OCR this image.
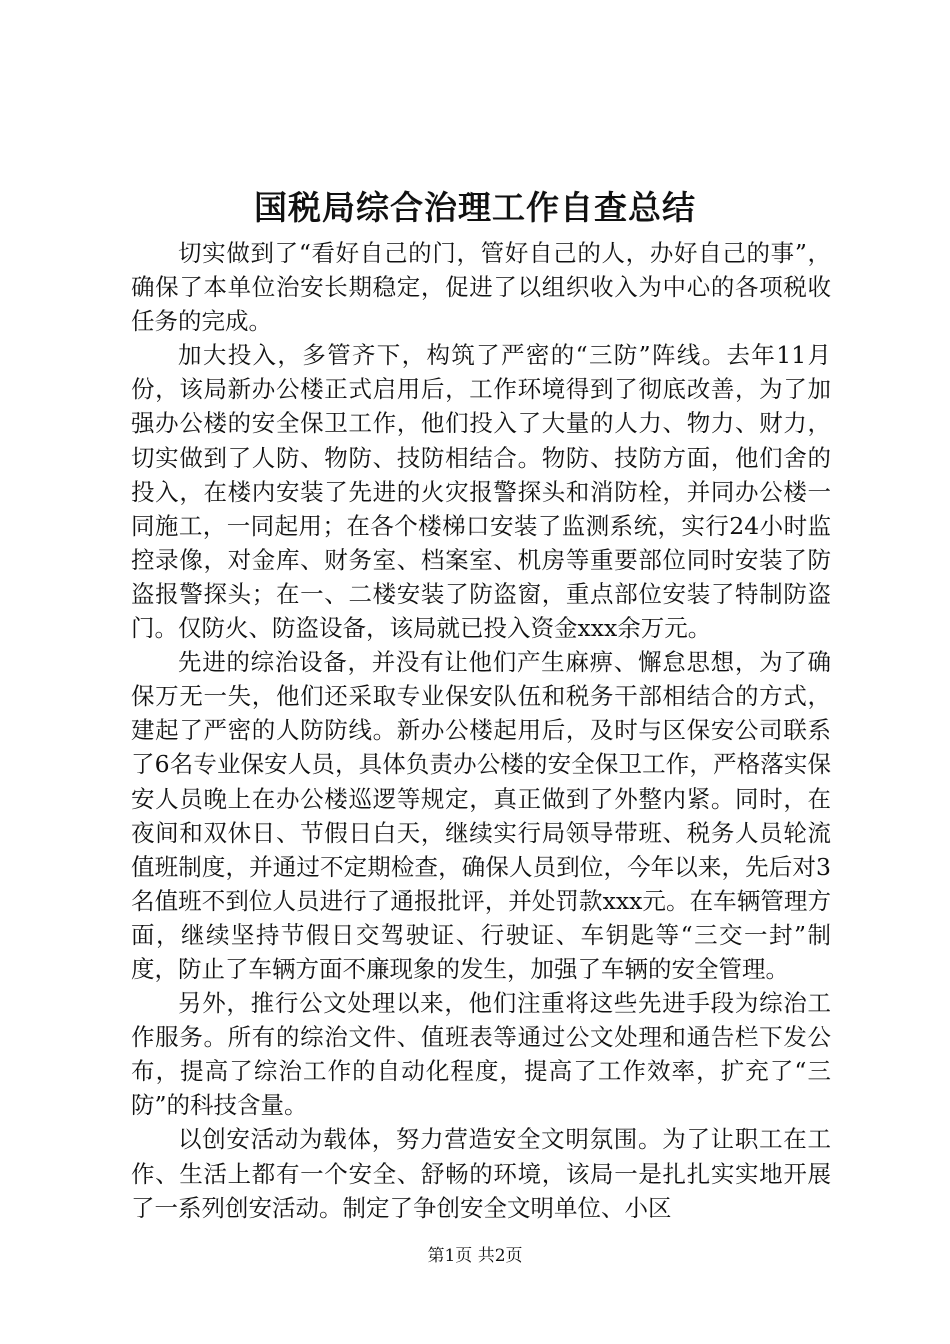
国税局综合治理工作自查总结

切实做到了“看好自己的门，管好自己的人，办好自己的事”，确保了本单位治安长期稳定，促进了以组织收入为中心的各项税收任务的完成。

加大投入，多管齐下，构筑了严密的“三防”阵线。去年11月份，该局新办公楼正式启用后，工作环境得到了彻底改善，为了加强办公楼的安全保卫工作，他们投入了大量的人力、物力、财力，切实做到了人防、物防、技防相结合。物防、技防方面，他们舍的投入，在楼内安装了先进的火灾报警探头和消防栓，并同办公楼一同施工，一同起用；在各个楼梯口安装了监测系统，实行24小时监控录像，对金库、财务室、档案室、机房等重要部位同时安装了防盗报警探头；在一、二楼安装了防盗窗，重点部位安装了特制防盗门。仅防火、防盗设备，该局就已投入资金xxx余万元。

先进的综治设备，并没有让他们产生麻痹、懈怠思想，为了确保万无一失，他们还采取专业保安队伍和税务干部相结合的方式，建起了严密的人防防线。新办公楼起用后，及时与区保安公司联系了6名专业保安人员，具体负责办公楼的安全保卫工作，严格落实保安人员晚上在办公楼巡逻等规定，真正做到了外整内紧。同时，在夜间和双休日、节假日白天，继续实行局领导带班、税务人员轮流值班制度，并通过不定期检查，确保人员到位，今年以来，先后对3名值班不到位人员进行了通报批评，并处罚款xxx元。在车辆管理方面，继续坚持节假日交驾驶证、行驶证、车钥匙等“三交一封”制度，防止了车辆方面不廉现象的发生，加强了车辆的安全管理。

另外，推行公文处理以来，他们注重将这些先进手段为综治工作服务。所有的综治文件、值班表等通过公文处理和通告栏下发公布，提高了综治工作的自动化程度，提高了工作效率，扩充了“三防”的科技含量。

以创安活动为载体，努力营造安全文明氛围。为了让职工在工作、生活上都有一个安全、舒畅的环境，该局一是扎扎实实地开展了一系列创安活动。制定了争创安全文明单位、小区

第1页 共2页
